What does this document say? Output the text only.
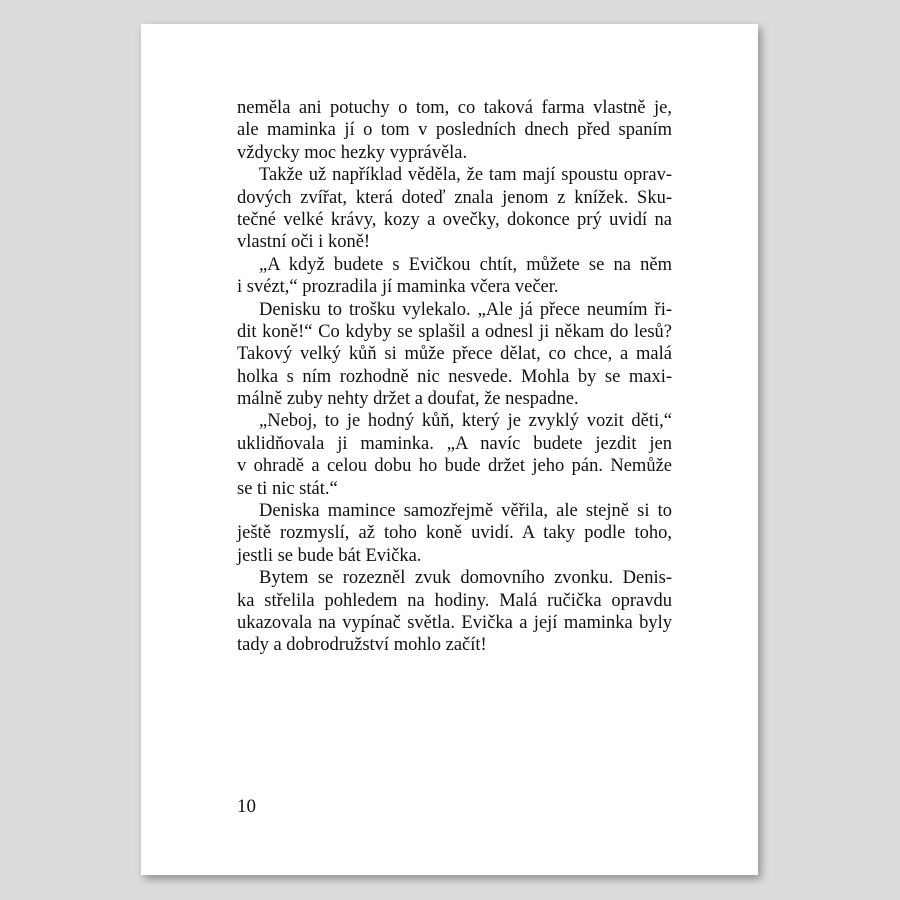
neměla ani potuchy o tom, co taková farma vlastně je,
ale maminka jí o tom v posledních dnech před spaním
vždycky moc hezky vyprávěla.
Takže už například věděla, že tam mají spoustu oprav-
dových zvířat, která doteď znala jenom z knížek. Sku-
tečné velké krávy, kozy a ovečky, dokonce prý uvidí na
vlastní oči i koně!
„A když budete s Evičkou chtít, můžete se na něm
i svézt,“ prozradila jí maminka včera večer.
Denisku to trošku vylekalo. „Ale já přece neumím ři-
dit koně!“ Co kdyby se splašil a odnesl ji někam do lesů?
Takový velký kůň si může přece dělat, co chce, a malá
holka s ním rozhodně nic nesvede. Mohla by se maxi-
málně zuby nehty držet a doufat, že nespadne.
„Neboj, to je hodný kůň, který je zvyklý vozit děti,“
uklidňovala ji maminka. „A navíc budete jezdit jen
v ohradě a celou dobu ho bude držet jeho pán. Nemůže
se ti nic stát.“
Deniska mamince samozřejmě věřila, ale stejně si to
ještě rozmyslí, až toho koně uvidí. A taky podle toho,
jestli se bude bát Evička.
Bytem se rozezněl zvuk domovního zvonku. Denis-
ka střelila pohledem na hodiny. Malá ručička opravdu
ukazovala na vypínač světla. Evička a její maminka byly
tady a dobrodružství mohlo začít!
10
